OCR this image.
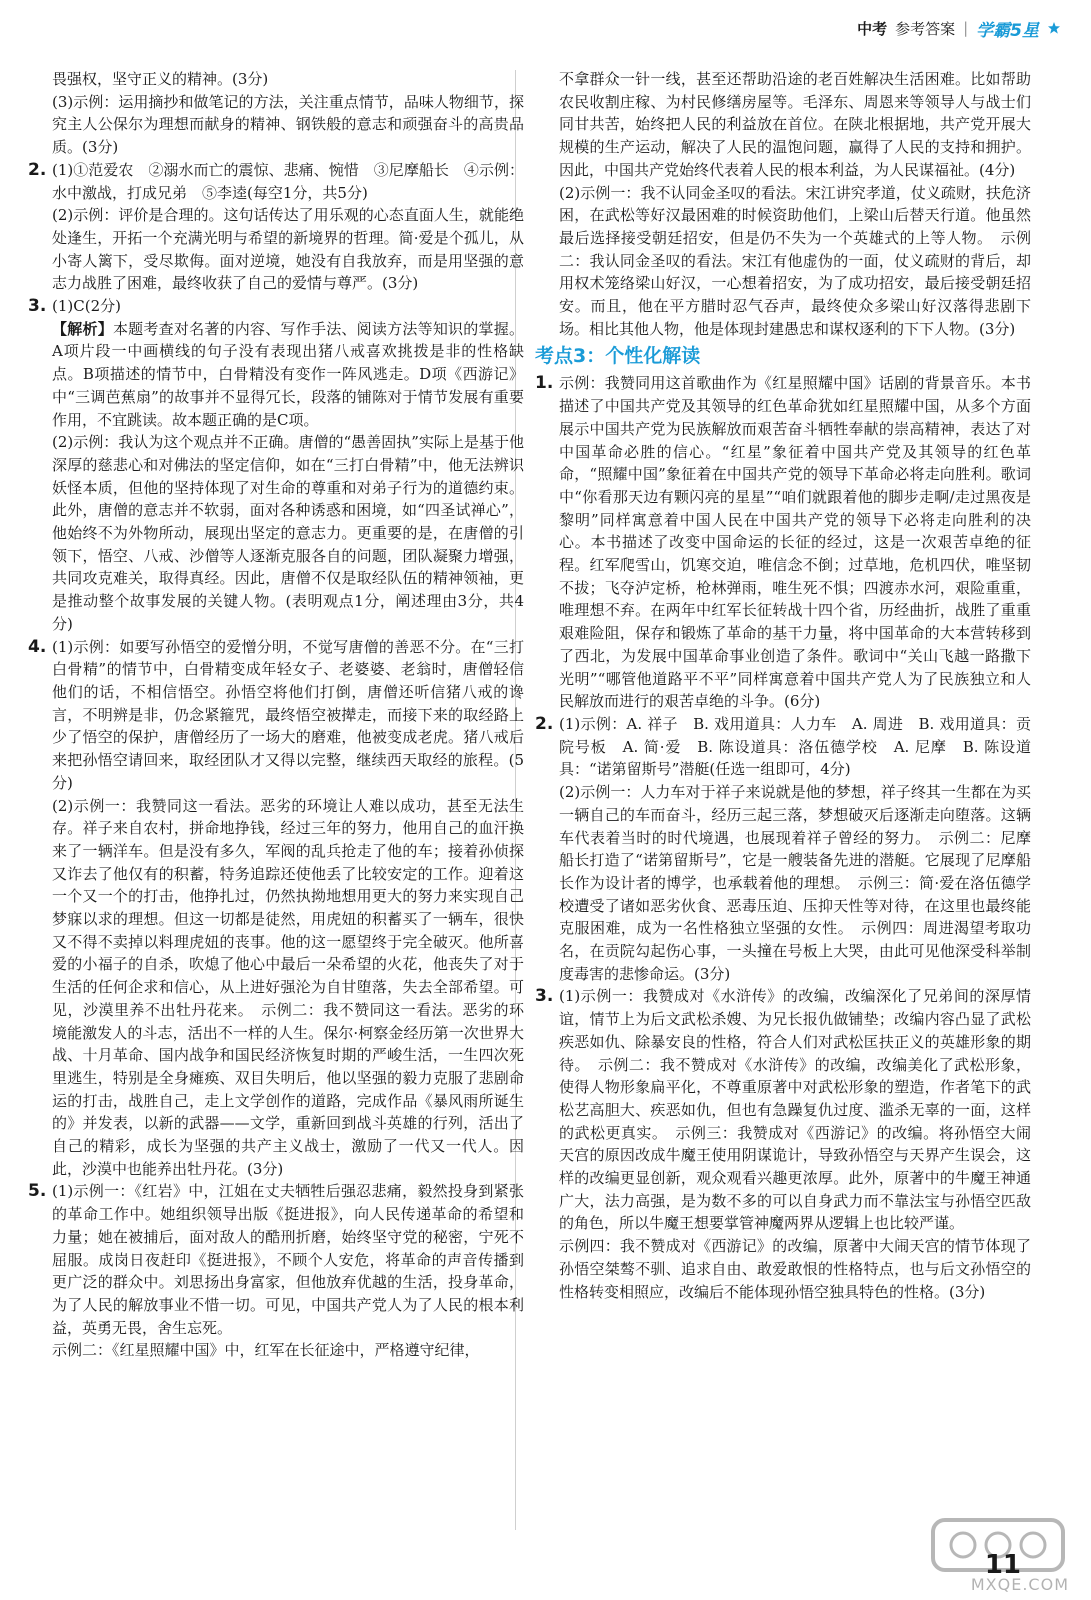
中考 参考答案 | 学霸5星

畏强权，坚守正义的精神。(3分)

(3)示例：运用摘抄和做笔记的方法，关注重点情节，品味人物细节，探究主人公保尔为理想而献身的精神、钢铁般的意志和顽强奋斗的高贵品质。(3分)

2. (1)①范爱农　②溺水而亡的震惊、悲痛、惋惜　③尼摩船长　④示例：水中激战，打成兄弟　⑤李逵(每空1分，共5分)

(2)示例：评价是合理的。这句话传达了用乐观的心态直面人生，就能绝处逢生，开拓一个充满光明与希望的新境界的哲理。简·爱是个孤儿，从小寄人篱下，受尽欺侮。面对逆境，她没有自我放弃，而是用坚强的意志力战胜了困难，最终收获了自己的爱情与尊严。(3分)

3. (1)C(2分)

【解析】本题考查对名著的内容、写作手法、阅读方法等知识的掌握。A项片段一中画横线的句子没有表现出猪八戒喜欢挑拨是非的性格缺点。B项描述的情节中，白骨精没有变作一阵风逃走。D项《西游记》中“三调芭蕉扇”的故事并不显得冗长，段落的铺陈对于情节发展有重要作用，不宜跳读。故本题正确的是C项。

(2)示例：我认为这个观点并不正确。唐僧的“愚善固执”实际上是基于他深厚的慈悲心和对佛法的坚定信仰，如在“三打白骨精”中，他无法辨识妖怪本质，但他的坚持体现了对生命的尊重和对弟子行为的道德约束。此外，唐僧的意志并不软弱，面对各种诱惑和困境，如“四圣试禅心”，他始终不为外物所动，展现出坚定的意志力。更重要的是，在唐僧的引领下，悟空、八戒、沙僧等人逐渐克服各自的问题，团队凝聚力增强，共同攻克难关，取得真经。因此，唐僧不仅是取经队伍的精神领袖，更是推动整个故事发展的关键人物。(表明观点1分，阐述理由3分，共4分)

4. (1)示例：如要写孙悟空的爱憎分明，不觉写唐僧的善恶不分。在“三打白骨精”的情节中，白骨精变成年轻女子、老婆婆、老翁时，唐僧轻信他们的话，不相信悟空。孙悟空将他们打倒，唐僧还听信猪八戒的谗言，不明辨是非，仍念紧箍咒，最终悟空被撵走，而接下来的取经路上少了悟空的保护，唐僧经历了一场大的磨难，他被变成老虎。猪八戒后来把孙悟空请回来，取经团队才又得以完整，继续西天取经的旅程。(5分)

(2)示例一：我赞同这一看法。恶劣的环境让人难以成功，甚至无法生存。祥子来自农村，拼命地挣钱，经过三年的努力，他用自己的血汗换来了一辆洋车。但是没有多久，军阀的乱兵抢走了他的车；接着孙侦探又诈去了他仅有的积蓄，特务追踪还使他丢了比较安定的工作。迎着这一个又一个的打击，他挣扎过，仍然执拗地想用更大的努力来实现自己梦寐以求的理想。但这一切都是徒然，用虎妞的积蓄买了一辆车，很快又不得不卖掉以料理虎妞的丧事。他的这一愿望终于完全破灭。他所喜爱的小福子的自杀，吹熄了他心中最后一朵希望的火花，他丧失了对于生活的任何企求和信心，从上进好强沦为自甘堕落，失去全部希望。可见，沙漠里养不出牡丹花来。　示例二：我不赞同这一看法。恶劣的环境能激发人的斗志，活出不一样的人生。保尔·柯察金经历第一次世界大战、十月革命、国内战争和国民经济恢复时期的严峻生活，一生四次死里逃生，特别是全身瘫痪、双目失明后，他以坚强的毅力克服了悲剧命运的打击，战胜自己，走上文学创作的道路，完成作品《暴风雨所诞生的》并发表，以新的武器——文学，重新回到战斗英雄的行列，活出了自己的精彩，成长为坚强的共产主义战士，激励了一代又一代人。因此，沙漠中也能养出牡丹花。(3分)

5. (1)示例一：《红岩》中，江姐在丈夫牺牲后强忍悲痛，毅然投身到紧张的革命工作中。她组织领导出版《挺进报》，向人民传递革命的希望和力量；她在被捕后，面对敌人的酷刑折磨，始终坚守党的秘密，宁死不屈服。成岗日夜赶印《挺进报》，不顾个人安危，将革命的声音传播到更广泛的群众中。刘思扬出身富家，但他放弃优越的生活，投身革命，为了人民的解放事业不惜一切。可见，中国共产党人为了人民的根本利益，英勇无畏，舍生忘死。

示例二：《红星照耀中国》中，红军在长征途中，严格遵守纪律，

不拿群众一针一线，甚至还帮助沿途的老百姓解决生活困难。比如帮助农民收割庄稼、为村民修缮房屋等。毛泽东、周恩来等领导人与战士们同甘共苦，始终把人民的利益放在首位。在陕北根据地，共产党开展大规模的生产运动，解决了人民的温饱问题，赢得了人民的支持和拥护。因此，中国共产党始终代表着人民的根本利益，为人民谋福祉。(4分)

(2)示例一：我不认同金圣叹的看法。宋江讲究孝道，仗义疏财，扶危济困，在武松等好汉最困难的时候资助他们，上梁山后替天行道。他虽然最后选择接受朝廷招安，但是仍不失为一个英雄式的上等人物。　示例二：我认同金圣叹的看法。宋江有他虚伪的一面，仗义疏财的背后，却用权术笼络梁山好汉，一心想着招安，为了成功招安，最后接受朝廷招安。而且，他在平方腊时忍气吞声，最终使众多梁山好汉落得悲剧下场。相比其他人物，他是体现封建愚忠和谋权逐利的下下人物。(3分)

考点3：个性化解读
1. 示例：我赞同用这首歌曲作为《红星照耀中国》话剧的背景音乐。本书描述了中国共产党及其领导的红色革命犹如红星照耀中国，从多个方面展示中国共产党为民族解放而艰苦奋斗牺牲奉献的崇高精神，表达了对中国革命必胜的信心。“红星”象征着中国共产党及其领导的红色革命，“照耀中国”象征着在中国共产党的领导下革命必将走向胜利。歌词中“你看那天边有颗闪亮的星星”“咱们就跟着他的脚步走啊/走过黑夜是黎明”同样寓意着中国人民在中国共产党的领导下必将走向胜利的决心。本书描述了改变中国命运的长征的经过，这是一次艰苦卓绝的征程。红军爬雪山，饥寒交迫，唯信念不倒；过草地，危机四伏，唯坚韧不拔；飞夺泸定桥，枪林弹雨，唯生死不惧；四渡赤水河，艰险重重，唯理想不弃。在两年中红军长征转战十四个省，历经曲折，战胜了重重艰难险阻，保存和锻炼了革命的基干力量，将中国革命的大本营转移到了西北，为发展中国革命事业创造了条件。歌词中“关山飞越一路撒下光明”“哪管他道路平不平”同样寓意着中国共产党人为了民族独立和人民解放而进行的艰苦卓绝的斗争。(6分)

2. (1)示例：A. 祥子　B. 戏用道具：人力车　A. 周进　B. 戏用道具：贡院号板　A. 简·爱　B. 陈设道具：洛伍德学校　A. 尼摩　B. 陈设道具：“诺第留斯号”潜艇(任选一组即可，4分)

(2)示例一：人力车对于祥子来说就是他的梦想，祥子终其一生都在为买一辆自己的车而奋斗，经历三起三落，梦想破灭后逐渐走向堕落。这辆车代表着当时的时代境遇，也展现着祥子曾经的努力。　示例二：尼摩船长打造了“诺第留斯号”，它是一艘装备先进的潜艇。它展现了尼摩船长作为设计者的博学，也承载着他的理想。　示例三：简·爱在洛伍德学校遭受了诸如恶劣伙食、恶毒压迫、压抑天性等对待，在这里也最终能克服困难，成为一名性格独立坚强的女性。　示例四：周进渴望考取功名，在贡院勾起伤心事，一头撞在号板上大哭，由此可见他深受科举制度毒害的悲惨命运。(3分)

3. (1)示例一：我赞成对《水浒传》的改编，改编深化了兄弟间的深厚情谊，情节上为后文武松杀嫂、为兄长报仇做铺垫；改编内容凸显了武松疾恶如仇、除暴安良的性格，符合人们对武松匡扶正义的英雄形象的期待。　示例二：我不赞成对《水浒传》的改编，改编美化了武松形象，使得人物形象扁平化，不尊重原著中对武松形象的塑造，作者笔下的武松艺高胆大、疾恶如仇，但也有急躁复仇过度、滥杀无辜的一面，这样的武松更真实。　示例三：我赞成对《西游记》的改编。将孙悟空大闹天宫的原因改成牛魔王使用阴谋诡计，导致孙悟空与天界产生误会，这样的改编更显创新，观众观看兴趣更浓厚。此外，原著中的牛魔王神通广大，法力高强，是为数不多的可以自身武力而不靠法宝与孙悟空匹敌的角色，所以牛魔王想要掌管神魔两界从逻辑上也比较严谨。

示例四：我不赞成对《西游记》的改编，原著中大闹天宫的情节体现了孙悟空桀骜不驯、追求自由、敢爱敢恨的性格特点，也与后文孙悟空的性格转变相照应，改编后不能体现孙悟空独具特色的性格。(3分)

MXQE.COM
11
